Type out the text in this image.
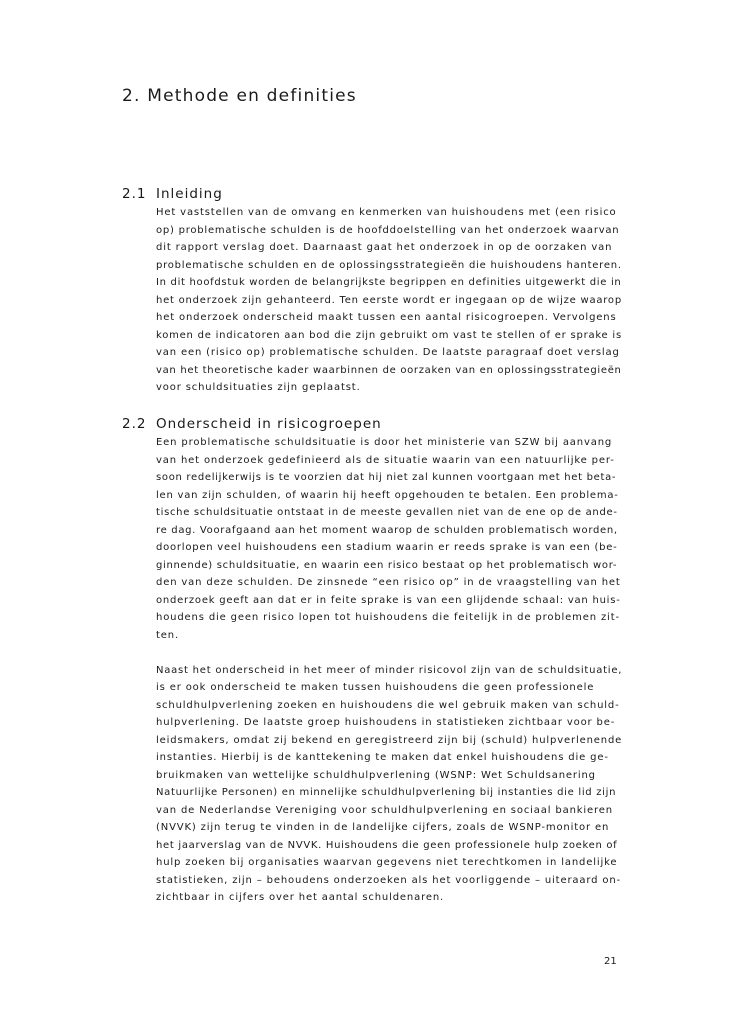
2. Methode en definities
2.1 Inleiding
Het vaststellen van de omvang en kenmerken van huishoudens met (een risico
op) problematische schulden is de hoofddoelstelling van het onderzoek waarvan
dit rapport verslag doet. Daarnaast gaat het onderzoek in op de oorzaken van
problematische schulden en de oplossingsstrategieën die huishoudens hanteren.
In dit hoofdstuk worden de belangrijkste begrippen en definities uitgewerkt die in
het onderzoek zijn gehanteerd. Ten eerste wordt er ingegaan op de wijze waarop
het onderzoek onderscheid maakt tussen een aantal risicogroepen. Vervolgens
komen de indicatoren aan bod die zijn gebruikt om vast te stellen of er sprake is
van een (risico op) problematische schulden. De laatste paragraaf doet verslag
van het theoretische kader waarbinnen de oorzaken van en oplossingsstrategieën
voor schuldsituaties zijn geplaatst.
2.2 Onderscheid in risicogroepen
Een problematische schuldsituatie is door het ministerie van SZW bij aanvang
van het onderzoek gedefinieerd als de situatie waarin van een natuurlijke per-
soon redelijkerwijs is te voorzien dat hij niet zal kunnen voortgaan met het beta-
len van zijn schulden, of waarin hij heeft opgehouden te betalen. Een problema-
tische schuldsituatie ontstaat in de meeste gevallen niet van de ene op de ande-
re dag. Voorafgaand aan het moment waarop de schulden problematisch worden,
doorlopen veel huishoudens een stadium waarin er reeds sprake is van een (be-
ginnende) schuldsituatie, en waarin een risico bestaat op het problematisch wor-
den van deze schulden. De zinsnede “een risico op” in de vraagstelling van het
onderzoek geeft aan dat er in feite sprake is van een glijdende schaal: van huis-
houdens die geen risico lopen tot huishoudens die feitelijk in de problemen zit-
ten.
Naast het onderscheid in het meer of minder risicovol zijn van de schuldsituatie,
is er ook onderscheid te maken tussen huishoudens die geen professionele
schuldhulpverlening zoeken en huishoudens die wel gebruik maken van schuld-
hulpverlening. De laatste groep huishoudens in statistieken zichtbaar voor be-
leidsmakers, omdat zij bekend en geregistreerd zijn bij (schuld) hulpverlenende
instanties. Hierbij is de kanttekening te maken dat enkel huishoudens die ge-
bruikmaken van wettelijke schuldhulpverlening (WSNP: Wet Schuldsanering
Natuurlijke Personen) en minnelijke schuldhulpverlening bij instanties die lid zijn
van de Nederlandse Vereniging voor schuldhulpverlening en sociaal bankieren
(NVVK) zijn terug te vinden in de landelijke cijfers, zoals de WSNP-monitor en
het jaarverslag van de NVVK. Huishoudens die geen professionele hulp zoeken of
hulp zoeken bij organisaties waarvan gegevens niet terechtkomen in landelijke
statistieken, zijn – behoudens onderzoeken als het voorliggende – uiteraard on-
zichtbaar in cijfers over het aantal schuldenaren.
21
